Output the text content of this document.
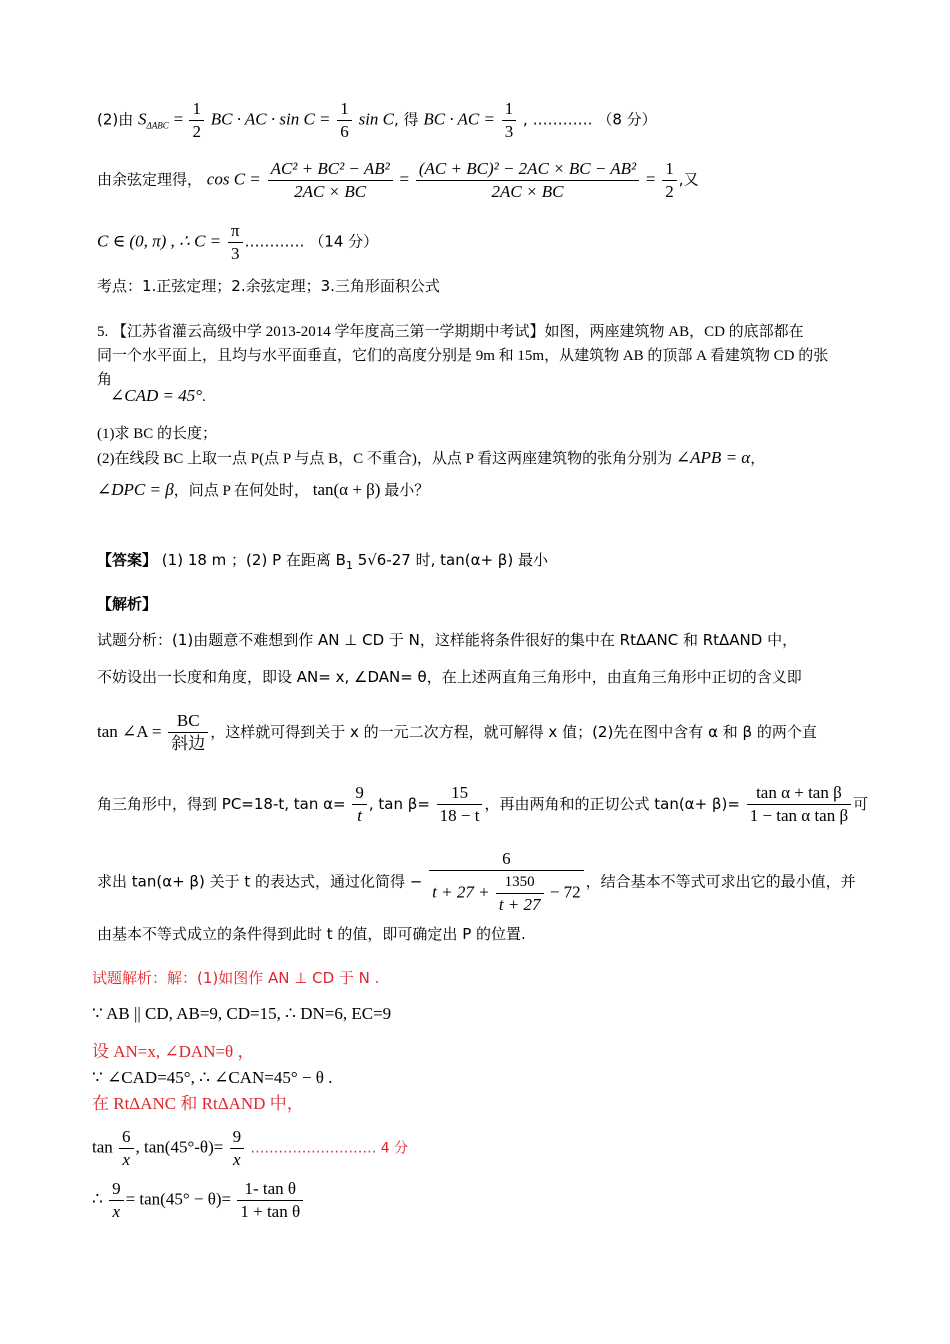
(2)由 $S_{\Delta ABC} = \frac{1}{2}$ BC · AC · $\sin C = \frac{1}{6}$ sin C, 得 BC · AC = $\frac{1}{3}$ , ………… （8 分）
由余弦定理得， $\cos C = \frac{\text{AC² + BC² − AB²}}{2AC \times BC} = \frac{\text{(AC + BC)² − 2AC × BC − AB²}}{2AC \times BC} = \frac{1}{2}$ ,又
C ∈ (0, π) , ∴ $C = \frac{\pi}{3}$ ………… （14 分）
考点：1.正弦定理；2.余弦定理；3.三角形面积公式
5. 【江苏省灌云高级中学 2013-2014 学年度高三第一学期期中考试】如图，两座建筑物 AB，CD 的底部都在
同一个水平面上，且均与水平面垂直，它们的高度分别是 9m 和 15m，从建筑物 AB 的顶部 A 看建筑物 CD 的张
角
∠CAD = 45°.
(1)求 BC 的长度；
(2)在线段 BC 上取一点 P(点 P 与点 B，C 不重合)，从点 P 看这两座建筑物的张角分别为 ∠APB = α，
∠DPC = β，问点 P 在何处时， tan(α + β) 最小？
【答案】 (1) 18 m ；(2) P 在距离 $B_1$ 5√6-27 时, tan(α+ β) 最小
【解析】
试题分析：(1)由题意不难想到作 AN ⊥ CD 于 N，这样能将条件很好的集中在 RtΔANC 和 RtΔAND 中，
不妨设出一长度和角度，即设 AN= x, ∠DAN= θ，在上述两直角三角形中，由直角三角形中正切的含义即
tan ∠A = $\frac{BC}{\text{斜边}}$ ，这样就可得到关于 x 的一元二次方程，就可解得 x 值；(2)先在图中含有 α 和 β 的两个直
角三角形中，得到 PC=18-t, $\tan \alpha= \frac{9}{t}$ , $\tan \beta= \frac{15}{18 - t}$ ，再由两角和的正切公式 $\tan(\alpha+ \beta)= \frac{\text{tan α + tan β}}{\text{1 − tan α tan β}}$ 可
求出 tan(α+ β) 关于 t 的表达式，通过化简得 − $\frac{6}{t + 27 + \frac{1350}{t + 27} - 72}$ ，结合基本不等式可求出它的最小值，并
由基本不等式成立的条件得到此时 t 的值，即可确定出 P 的位置.
试题解析：解：(1)如图作 AN ⊥ CD 于 N .
∵ AB || CD, AB=9, CD=15, ∴ DN=6, EC=9
设 AN=x, ∠DAN=θ ，
∵ ∠CAD=45°, ∴ ∠CAN=45° − θ .
在 RtΔANC 和 RtΔAND 中，
$\tan \frac{6}{x}$ , $\tan(45^\circ-\theta)= \frac{9}{x}$ ……………………… 4 分
∴ $\frac{9}{x} = \tan(45^\circ - \theta)= \frac{\text{1- tan θ}}{\text{1 + tan θ}}$
